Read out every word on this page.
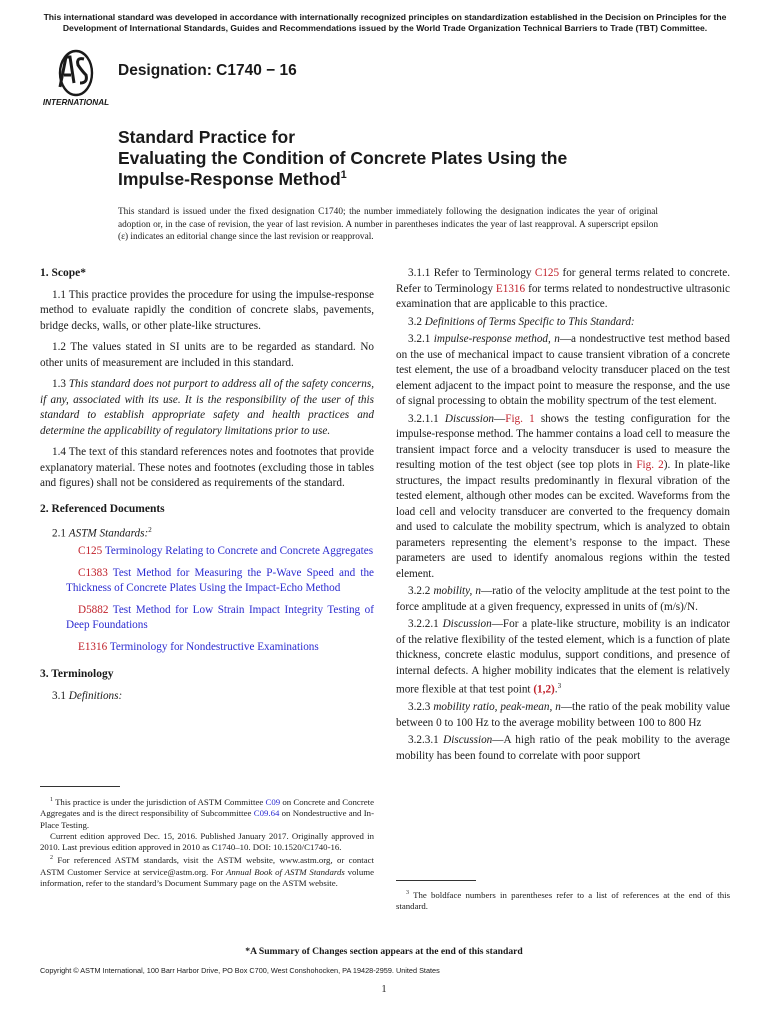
This international standard was developed in accordance with internationally recognized principles on standardization established in the Decision on Principles for the Development of International Standards, Guides and Recommendations issued by the World Trade Organization Technical Barriers to Trade (TBT) Committee.
INTERNATIONAL
Designation: C1740 − 16
Standard Practice for
Evaluating the Condition of Concrete Plates Using the
Impulse-Response Method$^1$
This standard is issued under the fixed designation C1740; the number immediately following the designation indicates the year of original adoption or, in the case of revision, the year of last revision. A number in parentheses indicates the year of last reapproval. A superscript epsilon (ε) indicates an editorial change since the last revision or reapproval.
1. Scope*

1.1 This practice provides the procedure for using the impulse-response method to evaluate rapidly the condition of concrete slabs, pavements, bridge decks, walls, or other plate-like structures.

1.2 The values stated in SI units are to be regarded as standard. No other units of measurement are included in this standard.

1.3 This standard does not purport to address all of the safety concerns, if any, associated with its use. It is the responsibility of the user of this standard to establish appropriate safety and health practices and determine the applicability of regulatory limitations prior to use.

1.4 The text of this standard references notes and footnotes that provide explanatory material. These notes and footnotes (excluding those in tables and figures) shall not be considered as requirements of the standard.

2. Referenced Documents

2.1 ASTM Standards:$^2$

C125 Terminology Relating to Concrete and Concrete Aggregates

C1383 Test Method for Measuring the P-Wave Speed and the Thickness of Concrete Plates Using the Impact-Echo Method

D5882 Test Method for Low Strain Impact Integrity Testing of Deep Foundations

E1316 Terminology for Nondestructive Examinations

3. Terminology

3.1 Definitions:

$^1$ This practice is under the jurisdiction of ASTM Committee C09 on Concrete and Concrete Aggregates and is the direct responsibility of Subcommittee C09.64 on Nondestructive and In-Place Testing.

Current edition approved Dec. 15, 2016. Published January 2017. Originally approved in 2010. Last previous edition approved in 2010 as C1740–10. DOI: 10.1520/C1740-16.

$^2$ For referenced ASTM standards, visit the ASTM website, www.astm.org, or contact ASTM Customer Service at service@astm.org. For Annual Book of ASTM Standards volume information, refer to the standard’s Document Summary page on the ASTM website.

3.1.1 Refer to Terminology C125 for general terms related to concrete. Refer to Terminology E1316 for terms related to nondestructive ultrasonic examination that are applicable to this practice.

3.2 Definitions of Terms Specific to This Standard:

3.2.1 impulse-response method, n—a nondestructive test method based on the use of mechanical impact to cause transient vibration of a concrete test element, the use of a broadband velocity transducer placed on the test element adjacent to the impact point to measure the response, and the use of signal processing to obtain the mobility spectrum of the test element.

3.2.1.1 Discussion—Fig. 1 shows the testing configuration for the impulse-response method. The hammer contains a load cell to measure the transient impact force and a velocity transducer is used to measure the resulting motion of the test object (see top plots in Fig. 2). In plate-like structures, the impact results predominantly in flexural vibration of the tested element, although other modes can be excited. Waveforms from the load cell and velocity transducer are converted to the frequency domain and used to calculate the mobility spectrum, which is analyzed to obtain parameters representing the element’s response to the impact. These parameters are used to identify anomalous regions within the tested element.

3.2.2 mobility, n—ratio of the velocity amplitude at the test point to the force amplitude at a given frequency, expressed in units of (m/s)/N.

3.2.2.1 Discussion—For a plate-like structure, mobility is an indicator of the relative flexibility of the tested element, which is a function of plate thickness, concrete elastic modulus, support conditions, and presence of internal defects. A higher mobility indicates that the element is relatively more flexible at that test point (1,2).$^3$

3.2.3 mobility ratio, peak-mean, n—the ratio of the peak mobility value between 0 to 100 Hz to the average mobility between 100 to 800 Hz

3.2.3.1 Discussion—A high ratio of the peak mobility to the average mobility has been found to correlate with poor support

$^3$ The boldface numbers in parentheses refer to a list of references at the end of this standard.

*A Summary of Changes section appears at the end of this standard
Copyright © ASTM International, 100 Barr Harbor Drive, PO Box C700, West Conshohocken, PA 19428-2959. United States
1
